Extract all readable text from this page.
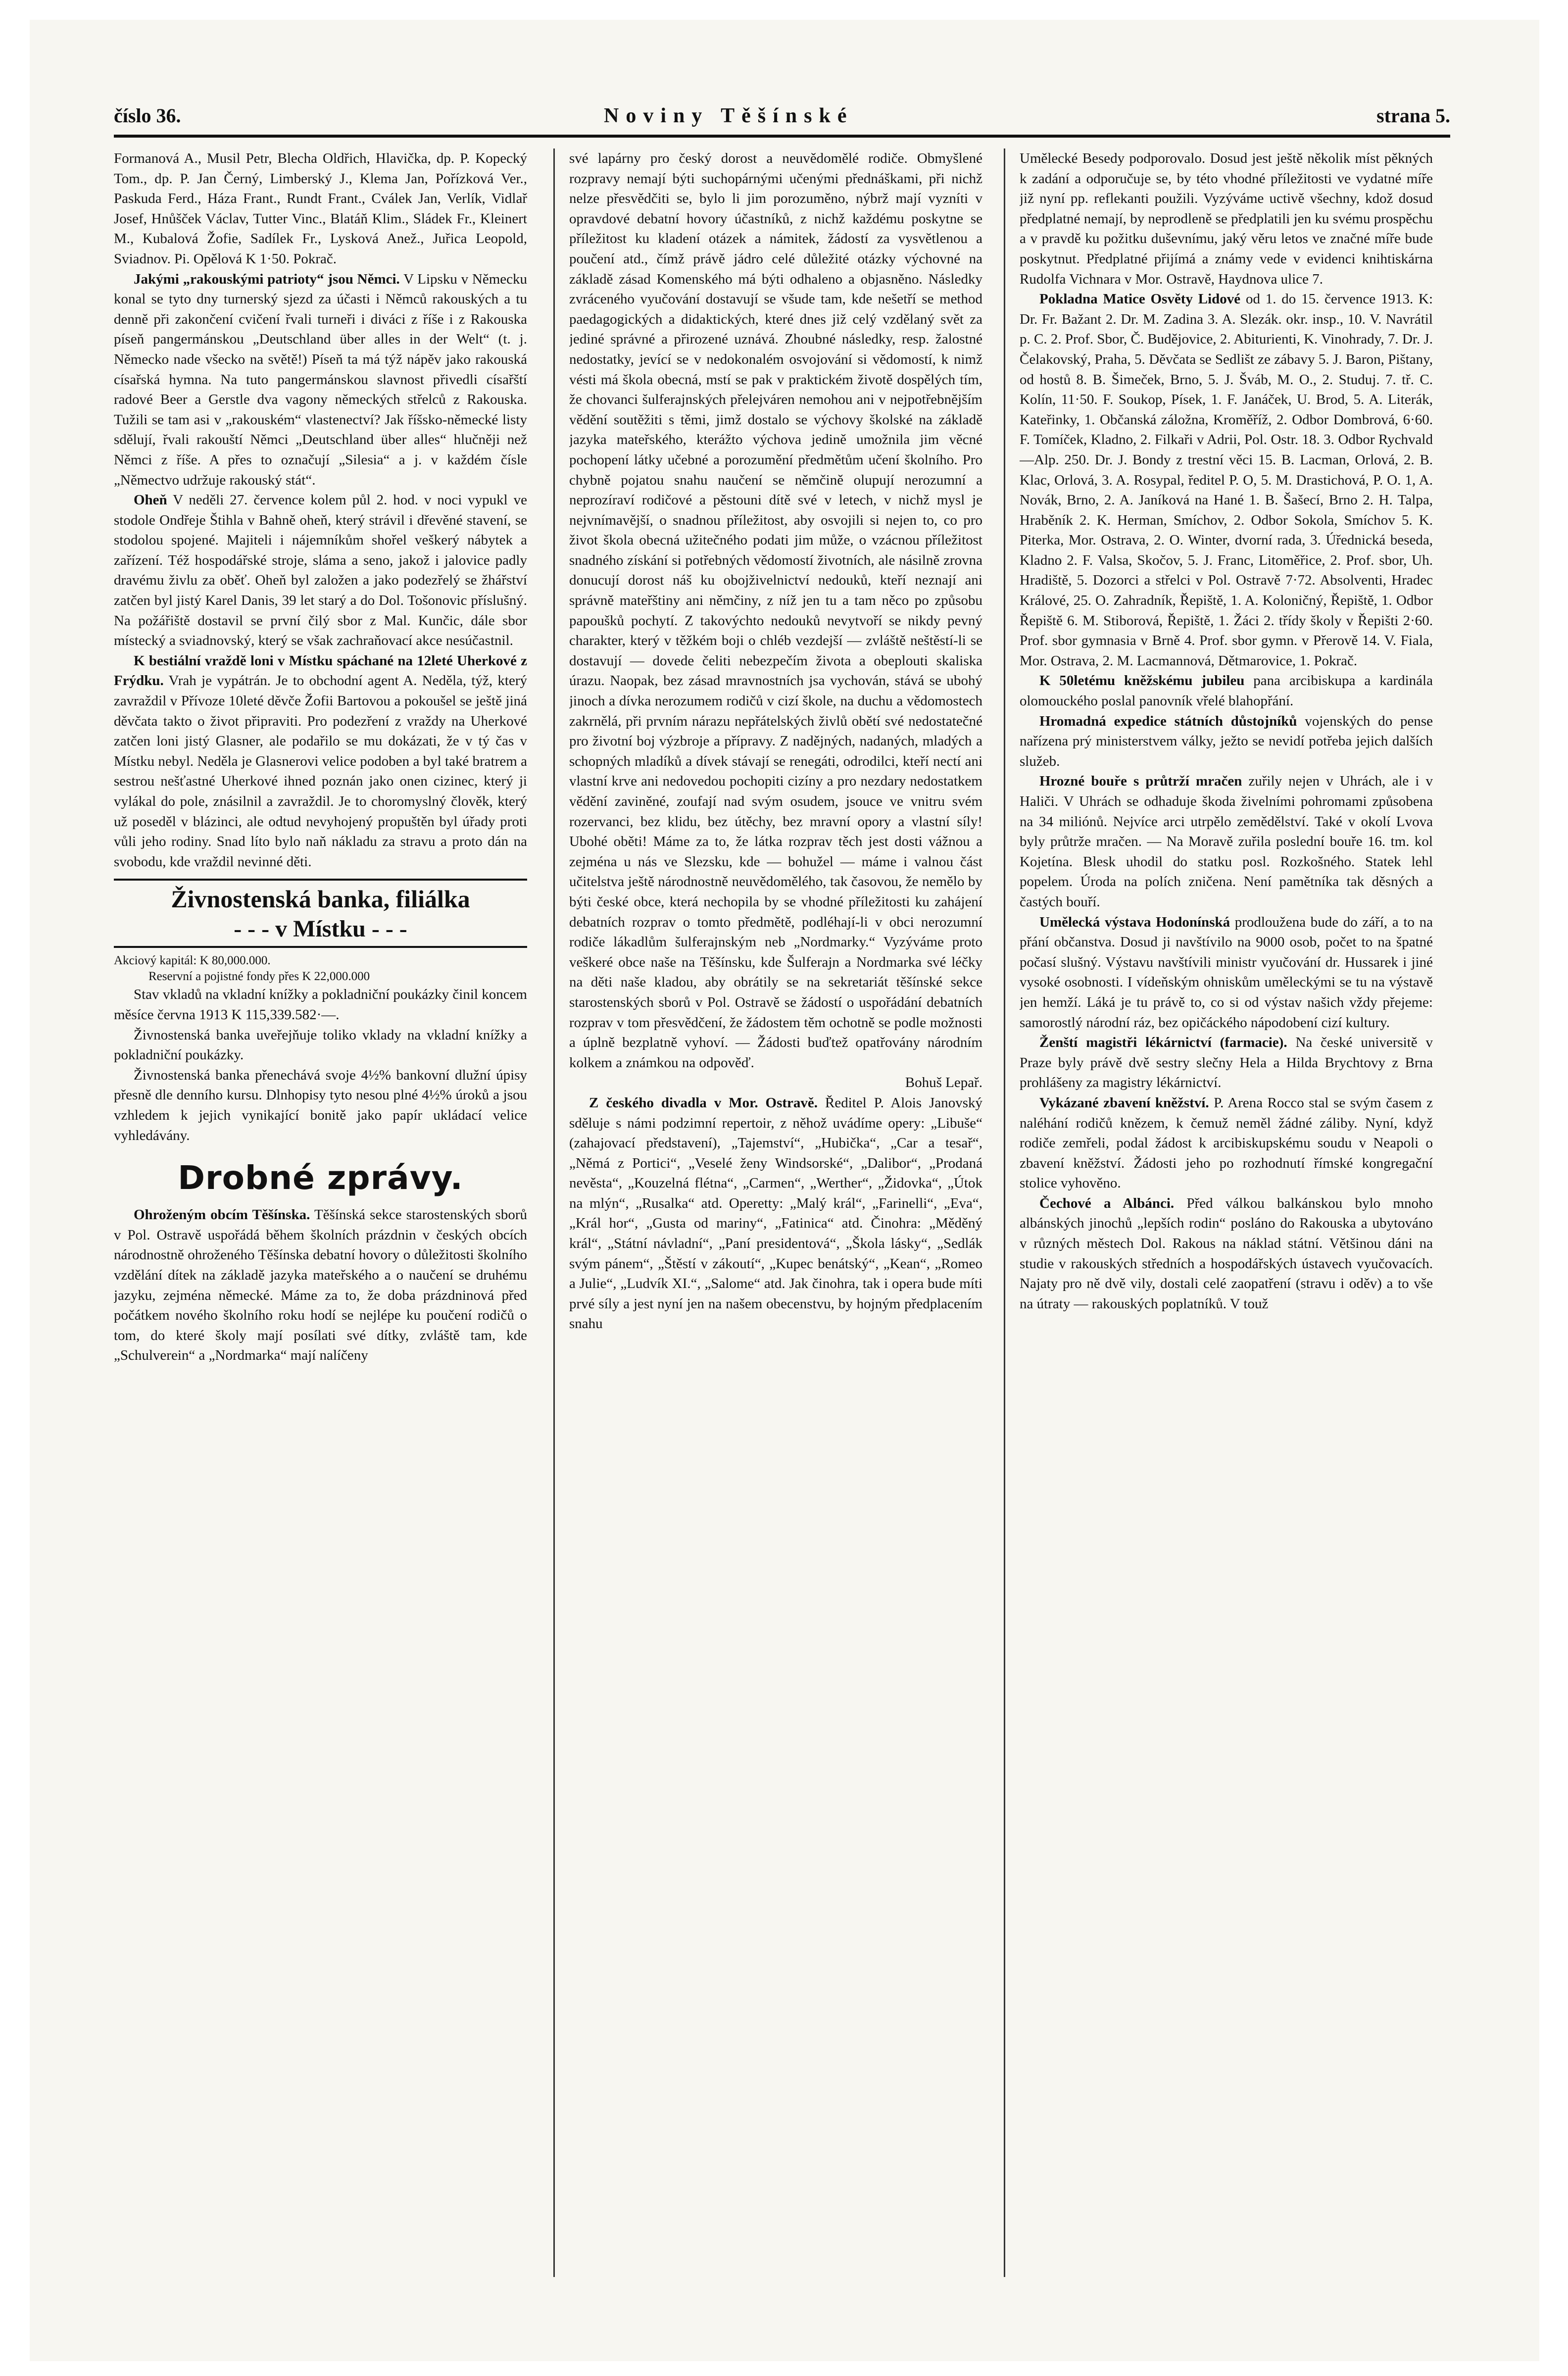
číslo 36.	Noviny Těšínské	strana 5.

Formanová A., Musil Petr, Blecha Oldřich, Hlavička, dp. P. Kopecký Tom., dp. P. Jan Černý, Limberský J., Klema Jan, Pořízková Ver., Paskuda Ferd., Háza Frant., Rundt Frant., Cválek Jan, Verlík, Vidlař Josef, Hnůšček Václav, Tutter Vinc., Blatáň Klim., Sládek Fr., Kleinert M., Kubalová Žofie, Sadílek Fr., Lysková Anež., Juřica Leopold, Sviadnov. Pi. Opělová K 1·50. Pokrač.

Jakými „rakouskými patrioty“ jsou Němci. V Lipsku v Německu konal se tyto dny turnerský sjezd za účasti i Němců rakouských a tu denně při zakončení cvičení řvali turneři i diváci z říše i z Rakouska píseň pangermánskou „Deutschland über alles in der Welt“ (t. j. Německo nade všecko na světě!) Píseň ta má týž nápěv jako rakouská císařská hymna. Na tuto pangermánskou slavnost přivedli císařští radové Beer a Gerstle dva vagony německých střelců z Rakouska. Tužili se tam asi v „rakouském“ vlastenectví? Jak říšsko-německé listy sdělují, řvali rakouští Němci „Deutschland über alles“ hlučněji než Němci z říše. A přes to označují „Silesia“ a j. v každém čísle „Němectvo udržuje rakouský stát“.

Oheň V neděli 27. července kolem půl 2. hod. v noci vypukl ve stodole Ondřeje Štihla v Bahně oheň, který strávil i dřevěné stavení, se stodolou spojené. Majiteli i nájemníkům shořel veškerý nábytek a zařízení. Též hospodářské stroje, sláma a seno, jakož i jalovice padly dravému živlu za oběť. Oheň byl založen a jako podezřelý se žhářství zatčen byl jistý Karel Danis, 39 let starý a do Dol. Tošonovic příslušný. Na požářiště dostavil se první čilý sbor z Mal. Kunčic, dále sbor místecký a sviadnovský, který se však zachraňovací akce nesúčastnil.

K bestiální vraždě loni v Místku spáchané na 12leté Uherkové z Frýdku. Vrah je vypátrán. Je to obchodní agent A. Neděla, týž, který zavraždil v Přívoze 10leté děvče Žofii Bartovou a pokoušel se ještě jiná děvčata takto o život připraviti. Pro podezření z vraždy na Uherkové zatčen loni jistý Glasner, ale podařilo se mu dokázati, že v tý čas v Místku nebyl. Neděla je Glasnerovi velice podoben a byl také bratrem a sestrou nešťastné Uherkové ihned poznán jako onen cizinec, který ji vylákal do pole, znásilnil a zavraždil. Je to choromyslný člověk, který už poseděl v blázinci, ale odtud nevyhojený propuštěn byl úřady proti vůli jeho rodiny. Snad líto bylo naň nákladu za stravu a proto dán na svobodu, kde vraždil nevinné děti.

Živnostenská banka, filiálka
- - - v Místku - - -

Akciový kapitál: K 80,000.000.

Reservní a pojistné fondy přes K 22,000.000

Stav vkladů na vkladní knížky a pokladniční poukázky činil koncem měsíce června 1913 K 115,339.582·—.

Živnostenská banka uveřejňuje toliko vklady na vkladní knížky a pokladniční poukázky.

Živnostenská banka přenechává svoje 4½% bankovní dlužní úpisy přesně dle denního kursu. Dlnhopisy tyto nesou plné 4½% úroků a jsou vzhledem k jejich vynikající bonitě jako papír ukládací velice vyhledávány.

Drobné zprávy.

Ohroženým obcím Těšínska. Těšínská sekce starostenských sborů v Pol. Ostravě uspořádá během školních prázdnin v českých obcích národnostně ohroženého Těšínska debatní hovory o důležitosti školního vzdělání dítek na základě jazyka mateřského a o naučení se druhému jazyku, zejména německé. Máme za to, že doba prázdninová před počátkem nového školního roku hodí se nejlépe ku poučení rodičů o tom, do které školy mají posílati své dítky, zvláště tam, kde „Schulverein“ a „Nordmarka“ mají nalíčeny

své lapárny pro český dorost a neuvědomělé rodiče. Obmyšlené rozpravy nemají býti suchopárnými učenými přednáškami, při nichž nelze přesvědčiti se, bylo li jim porozuměno, nýbrž mají vyzníti v opravdové debatní hovory účastníků, z nichž každému poskytne se příležitost ku kladení otázek a námitek, žádostí za vysvětlenou a poučení atd., čímž právě jádro celé důležité otázky výchovné na základě zásad Komenského má býti odhaleno a objasněno. Následky zvráceného vyučování dostavují se všude tam, kde nešetří se method paedagogických a didaktických, které dnes již celý vzdělaný svět za jediné správné a přirozené uznává. Zhoubné následky, resp. žalostné nedostatky, jevící se v nedokonalém osvojování si vědomostí, k nimž vésti má škola obecná, mstí se pak v praktickém životě dospělých tím, že chovanci šulferajnských přelejváren nemohou ani v nejpotřebnějším vědění soutěžiti s těmi, jimž dostalo se výchovy školské na základě jazyka mateřského, kterážto výchova jedině umožnila jim věcné pochopení látky učebné a porozumění předmětům učení školního. Pro chybně pojatou snahu naučení se němčině olupují nerozumní a neprozíraví rodičové a pěstouni dítě své v letech, v nichž mysl je nejvnímavější, o snadnou příležitost, aby osvojili si nejen to, co pro život škola obecná užitečného podati jim může, o vzácnou příležitost snadného získání si potřebných vědomostí životních, ale násilně zrovna donucují dorost náš ku obojživelnictví nedouků, kteří neznají ani správně mateřštiny ani němčiny, z níž jen tu a tam něco po způsobu papoušků pochytí. Z takovýchto nedouků nevytvoří se nikdy pevný charakter, který v těžkém boji o chléb vezdejší — zvláště neštěstí-li se dostavují — dovede čeliti nebezpečím života a obeplouti skaliska úrazu. Naopak, bez zásad mravnostních jsa vychován, stává se ubohý jinoch a dívka nerozumem rodičů v cizí škole, na duchu a vědomostech zakrnělá, při prvním nárazu nepřátelských živlů obětí své nedostatečné pro životní boj výzbroje a přípravy. Z nadějných, nadaných, mladých a schopných mladíků a dívek stávají se renegáti, odrodilci, kteří nectí ani vlastní krve ani nedovedou pochopiti cizíny a pro nezdary nedostatkem vědění zaviněné, zoufají nad svým osudem, jsouce ve vnitru svém rozervanci, bez klidu, bez útěchy, bez mravní opory a vlastní síly! Ubohé oběti! Máme za to, že látka rozprav těch jest dosti vážnou a zejména u nás ve Slezsku, kde — bohužel — máme i valnou část učitelstva ještě národnostně neuvědomělého, tak časovou, že nemělo by býti české obce, která nechopila by se vhodné příležitosti ku zahájení debatních rozprav o tomto předmětě, podléhají-li v obci nerozumní rodiče lákadlům šulferajnským neb „Nordmarky.“ Vyzýváme proto veškeré obce naše na Těšínsku, kde Šulferajn a Nordmarka své léčky na děti naše kladou, aby obrátily se na sekretariát těšínské sekce starostenských sborů v Pol. Ostravě se žádostí o uspořádání debatních rozprav v tom přesvědčení, že žádostem těm ochotně se podle možnosti a úplně bezplatně vyhoví. — Žádosti buďtež opatřovány národním kolkem a známkou na odpověď.

Bohuš Lepař.

Z českého divadla v Mor. Ostravě. Ředitel P. Alois Janovský sděluje s námi podzimní repertoir, z něhož uvádíme opery: „Libuše“ (zahajovací představení), „Tajemství“, „Hubička“, „Car a tesař“, „Němá z Portici“, „Veselé ženy Windsorské“, „Dalibor“, „Prodaná nevěsta“, „Kouzelná flétna“, „Carmen“, „Werther“, „Židovka“, „Útok na mlýn“, „Rusalka“ atd. Operetty: „Malý král“, „Farinelli“, „Eva“, „Král hor“, „Gusta od mariny“, „Fatinica“ atd. Činohra: „Měděný král“, „Státní návladní“, „Paní presidentová“, „Škola lásky“, „Sedlák svým pánem“, „Štěstí v zákoutí“, „Kupec benátský“, „Kean“, „Romeo a Julie“, „Ludvík XI.“, „Salome“ atd. Jak činohra, tak i opera bude míti prvé síly a jest nyní jen na našem obecenstvu, by hojným předplacením snahu

Umělecké Besedy podporovalo. Dosud jest ještě několik míst pěkných k zadání a odporučuje se, by této vhodné příležitosti ve vydatné míře již nyní pp. reflekanti použili. Vyzýváme uctivě všechny, kdož dosud předplatné nemají, by neprodleně se předplatili jen ku svému prospěchu a v pravdě ku požitku duševnímu, jaký věru letos ve značné míře bude poskytnut. Předplatné přijímá a známy vede v evidenci knihtiskárna Rudolfa Vichnara v Mor. Ostravě, Haydnova ulice 7.

Pokladna Matice Osvěty Lidové od 1. do 15. července 1913. K: Dr. Fr. Bažant 2. Dr. M. Zadina 3. A. Slezák. okr. insp., 10. V. Navrátil p. C. 2. Prof. Sbor, Č. Budějovice, 2. Abiturienti, K. Vinohrady, 7. Dr. J. Čelakovský, Praha, 5. Děvčata se Sedlišt ze zábavy 5. J. Baron, Pištany, od hostů 8. B. Šimeček, Brno, 5. J. Šváb, M. O., 2. Studuj. 7. tř. C. Kolín, 11·50. F. Soukop, Písek, 1. F. Janáček, U. Brod, 5. A. Literák, Kateřinky, 1. Občanská záložna, Kroměříž, 2. Odbor Dombrová, 6·60. F. Tomíček, Kladno, 2. Filkaři v Adrii, Pol. Ostr. 18. 3. Odbor Rychvald—Alp. 250. Dr. J. Bondy z trestní věci 15. B. Lacman, Orlová, 2. B. Klac, Orlová, 3. A. Rosypal, ředitel P. O, 5. M. Drastichová, P. O. 1, A. Novák, Brno, 2. A. Janíková na Hané 1. B. Šašecí, Brno 2. H. Talpa, Hraběník 2. K. Herman, Smíchov, 2. Odbor Sokola, Smíchov 5. K. Piterka, Mor. Ostrava, 2. O. Winter, dvorní rada, 3. Úřednická beseda, Kladno 2. F. Valsa, Skočov, 5. J. Franc, Litoměřice, 2. Prof. sbor, Uh. Hradiště, 5. Dozorci a střelci v Pol. Ostravě 7·72. Absolventi, Hradec Králové, 25. O. Zahradník, Řepiště, 1. A. Koloničný, Řepiště, 1. Odbor Řepiště 6. M. Stiborová, Řepiště, 1. Žáci 2. třídy školy v Řepišti 2·60. Prof. sbor gymnasia v Brně 4. Prof. sbor gymn. v Přerově 14. V. Fiala, Mor. Ostrava, 2. M. Lacmannová, Dětmarovice, 1. Pokrač.

K 50letému kněžskému jubileu pana arcibiskupa a kardinála olomouckého poslal panovník vřelé blahopřání.

Hromadná expedice státních důstojníků vojenských do pense nařízena prý ministerstvem války, ježto se nevidí potřeba jejich dalších služeb.

Hrozné bouře s průtrží mračen zuřily nejen v Uhrách, ale i v Haliči. V Uhrách se odhaduje škoda živelními pohromami způsobena na 34 miliónů. Nejvíce arci utrpělo zemědělství. Také v okolí Lvova byly průtrže mračen. — Na Moravě zuřila poslední bouře 16. tm. kol Kojetína. Blesk uhodil do statku posl. Rozkošného. Statek lehl popelem. Úroda na polích zničena. Není pamětníka tak děsných a častých bouří.

Umělecká výstava Hodonínská prodloužena bude do září, a to na přání občanstva. Dosud ji navštívilo na 9000 osob, počet to na špatné počasí slušný. Výstavu navštívili ministr vyučování dr. Hussarek i jiné vysoké osobnosti. I vídeňským ohniskům uměleckými se tu na výstavě jen hemží. Láká je tu právě to, co si od výstav našich vždy přejeme: samorostlý národní ráz, bez opičáckého nápodobení cizí kultury.

Ženští magistři lékárnictví (farmacie). Na české universitě v Praze byly právě dvě sestry slečny Hela a Hilda Brychtovy z Brna prohlášeny za magistry lékárnictví.

Vykázané zbavení kněžství. P. Arena Rocco stal se svým časem z naléhání rodičů knězem, k čemuž neměl žádné záliby. Nyní, když rodiče zemřeli, podal žádost k arcibiskupskému soudu v Neapoli o zbavení kněžství. Žádosti jeho po rozhodnutí římské kongregační stolice vyhověno.

Čechové a Albánci. Před válkou balkánskou bylo mnoho albánských jinochů „lepších rodin“ posláno do Rakouska a ubytováno v různých městech Dol. Rakous na náklad státní. Většinou dáni na studie v rakouských středních a hospodářských ústavech vyučovacích. Najaty pro ně dvě vily, dostali celé zaopatření (stravu i oděv) a to vše na útraty — rakouských poplatníků. V touž
